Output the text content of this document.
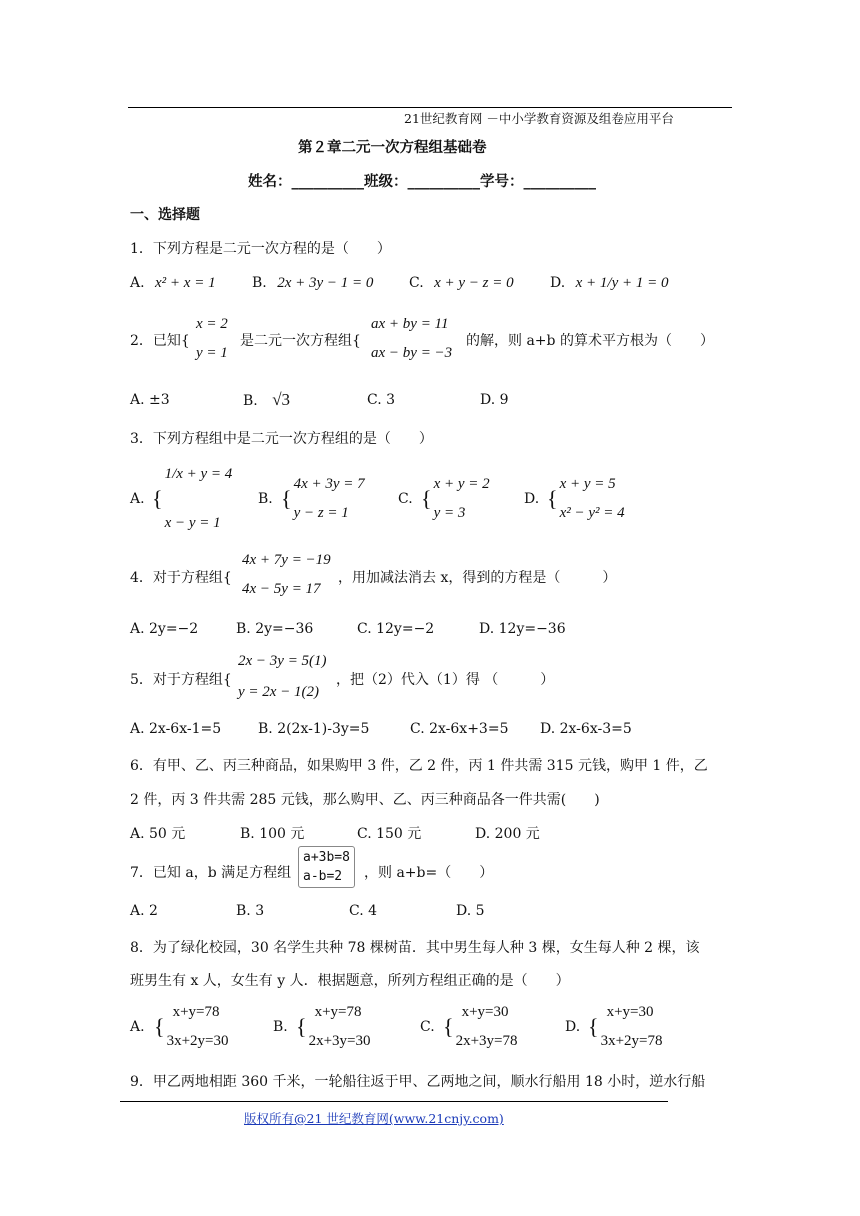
21世纪教育网 －中小学教育资源及组卷应用平台
第２章二元一次方程组基础卷
姓名：__________班级：__________学号：__________
一、选择题
1．下列方程是二元一次方程的是（　　）
A. x² + x = 1	B. 2x + 3y − 1 = 0	C. x + y − z = 0	D. x + 1/y + 1 = 0
2．已知{
x = 2
y = 1
是二元一次方程组{
ax + by = 11
ax − by = −3
的解，则 a+b 的算术平方根为（　　）
A. ±3	B. √3	C. 3	D. 9
3．下列方程组中是二元一次方程组的是（　　）
A. {
1/x + y = 4
x − y = 1
B. {
4x + 3y = 7
y − z = 1
C. {
x + y = 2
y = 3
D. {
x + y = 5
x² − y² = 4
4．对于方程组{
4x + 7y = −19
4x − 5y = 17
，用加减法消去 x，得到的方程是（　　　）
A. 2y=−2	B. 2y=−36	C. 12y=−2	D. 12y=−36
5．对于方程组{
2x − 3y = 5(1)
y = 2x − 1(2)
，把（2）代入（1）得 （　　　）
A. 2x-6x-1=5	B. 2(2x-1)-3y=5	C. 2x-6x+3=5 D. 2x-6x-3=5
6．有甲、乙、丙三种商品，如果购甲 3 件，乙 2 件，丙 1 件共需 315 元钱，购甲 1 件，乙
2 件，丙 3 件共需 285 元钱，那么购甲、乙、丙三种商品各一件共需(　　)
A. 50 元	B. 100 元	C. 150 元	D. 200 元
7．已知 a，b 满足方程组
a+3b=8
a-b=2	，则 a+b=（　　）
A. 2	B. 3	C. 4	D. 5
8．为了绿化校园，30 名学生共种 78 棵树苗．其中男生每人种 3 棵，女生每人种 2 棵，该
班男生有 x 人，女生有 y 人．根据题意，所列方程组正确的是（　　）
A. {
x+y=78
3x+2y=30
B. {
x+y=78
2x+3y=30
C. {
x+y=30
2x+3y=78
D. {
x+y=30
3x+2y=78
9．甲乙两地相距 360 千米，一轮船往返于甲、乙两地之间，顺水行船用 18 小时，逆水行船
版权所有@21 世纪教育网(www.21cnjy.com)
